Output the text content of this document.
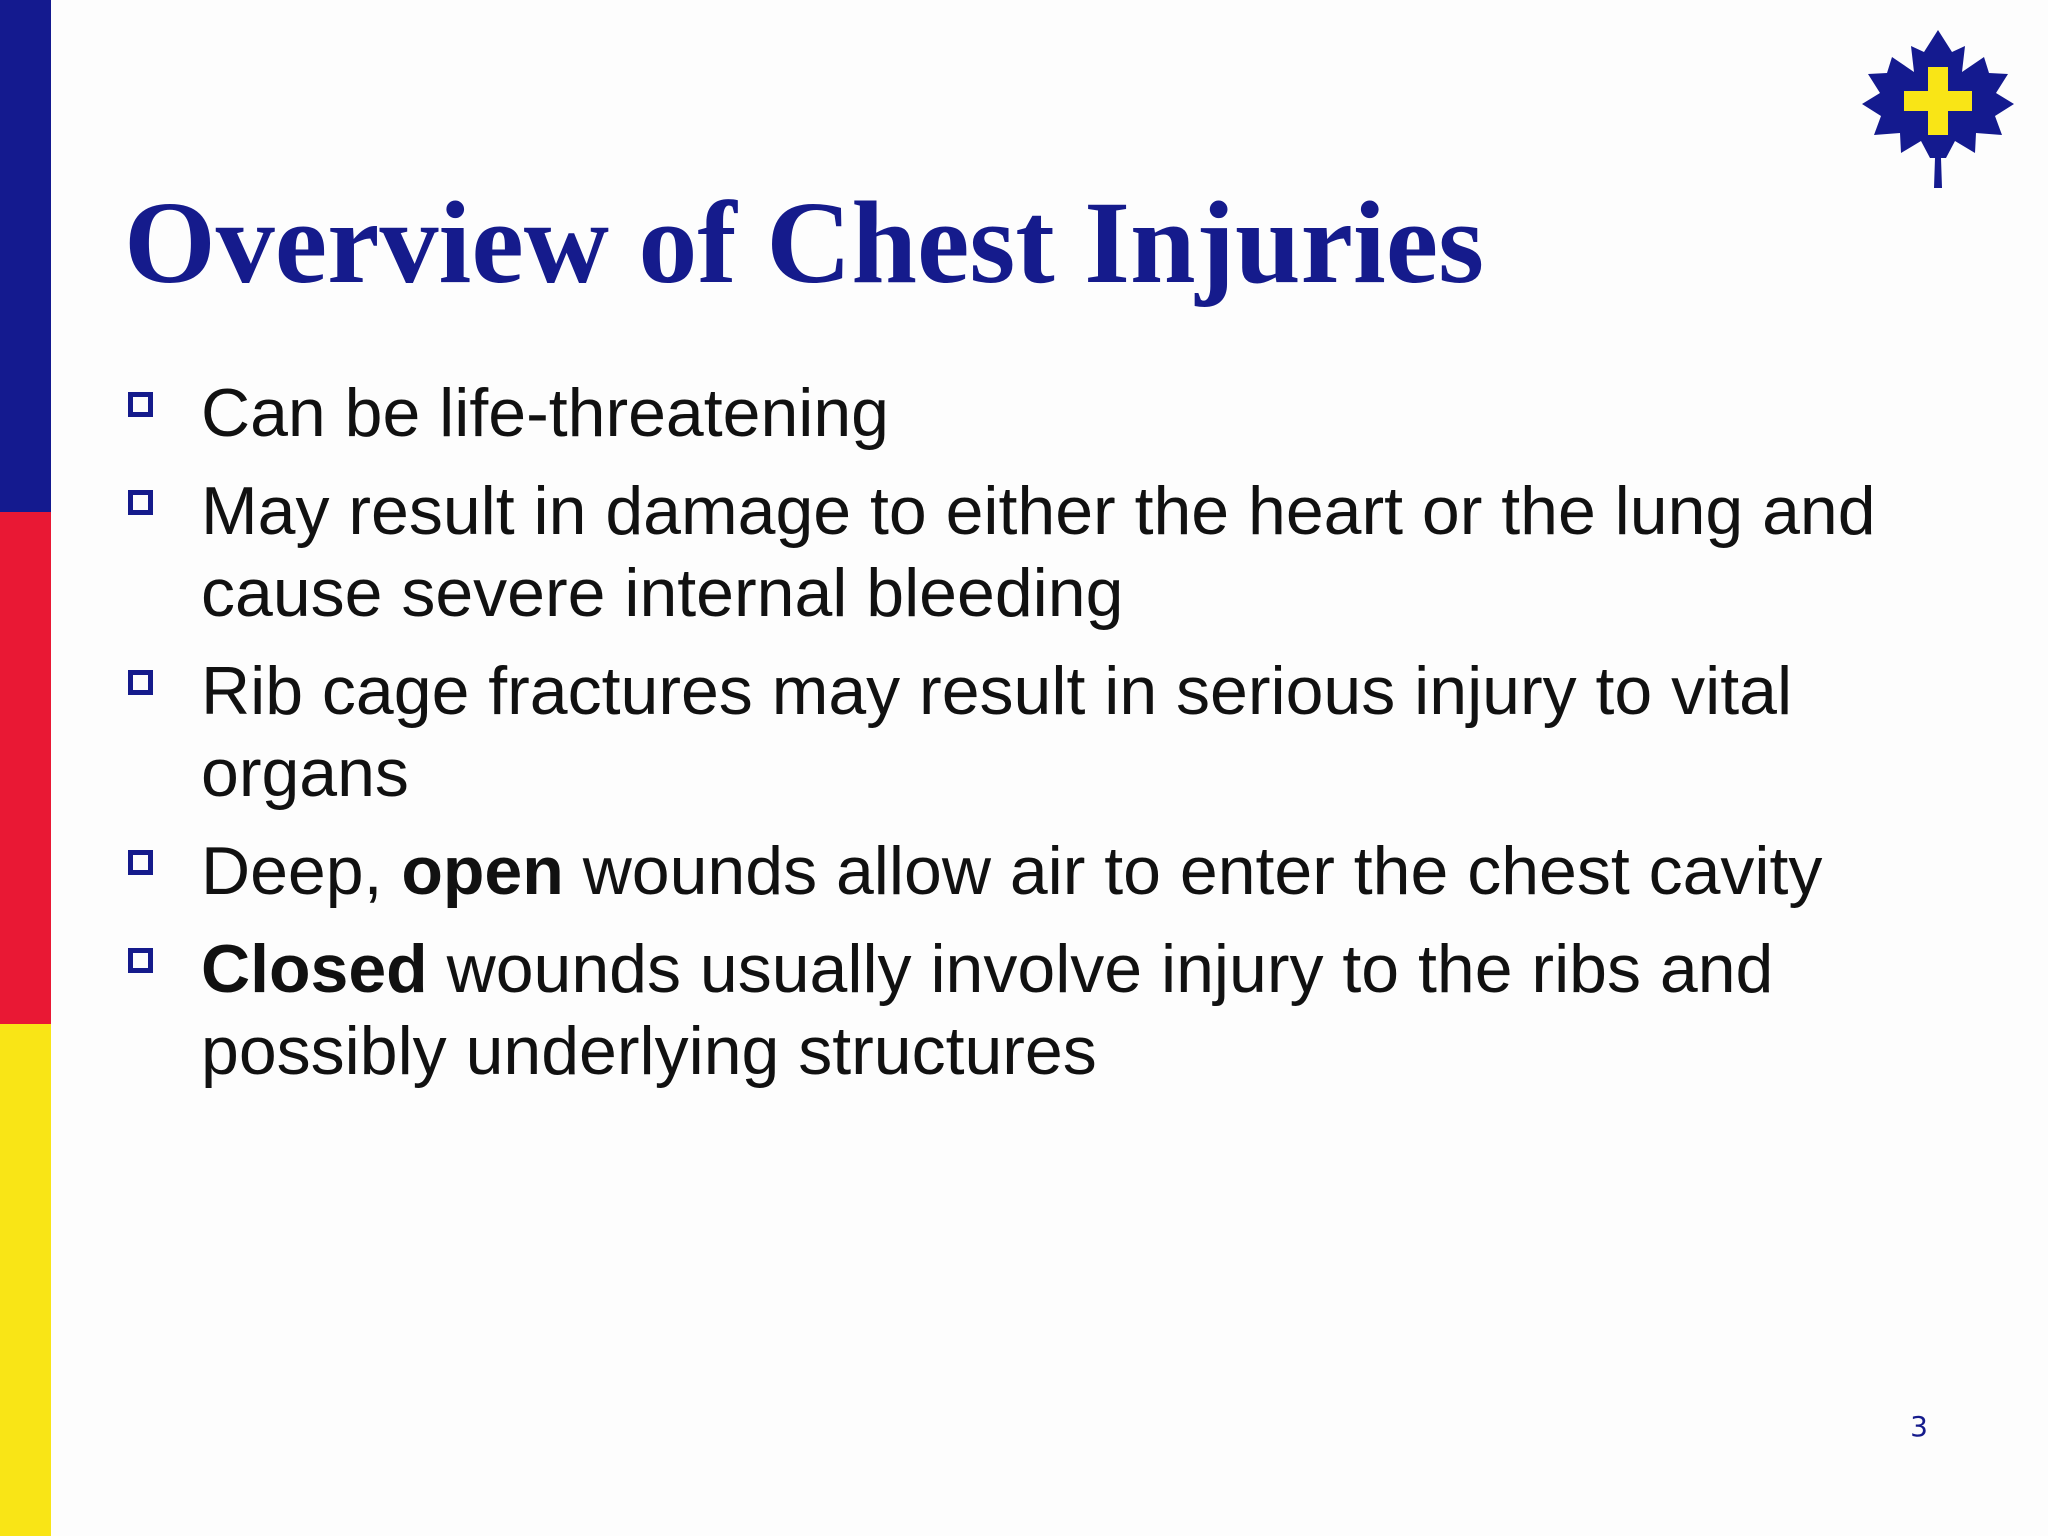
Overview of Chest Injuries
Can be life-threatening
May result in damage to either the heart or the lung and cause severe internal bleeding
Rib cage fractures may result in serious injury to vital organs
Deep, open wounds allow air to enter the chest cavity
Closed wounds usually involve injury to the ribs and possibly underlying structures
3
